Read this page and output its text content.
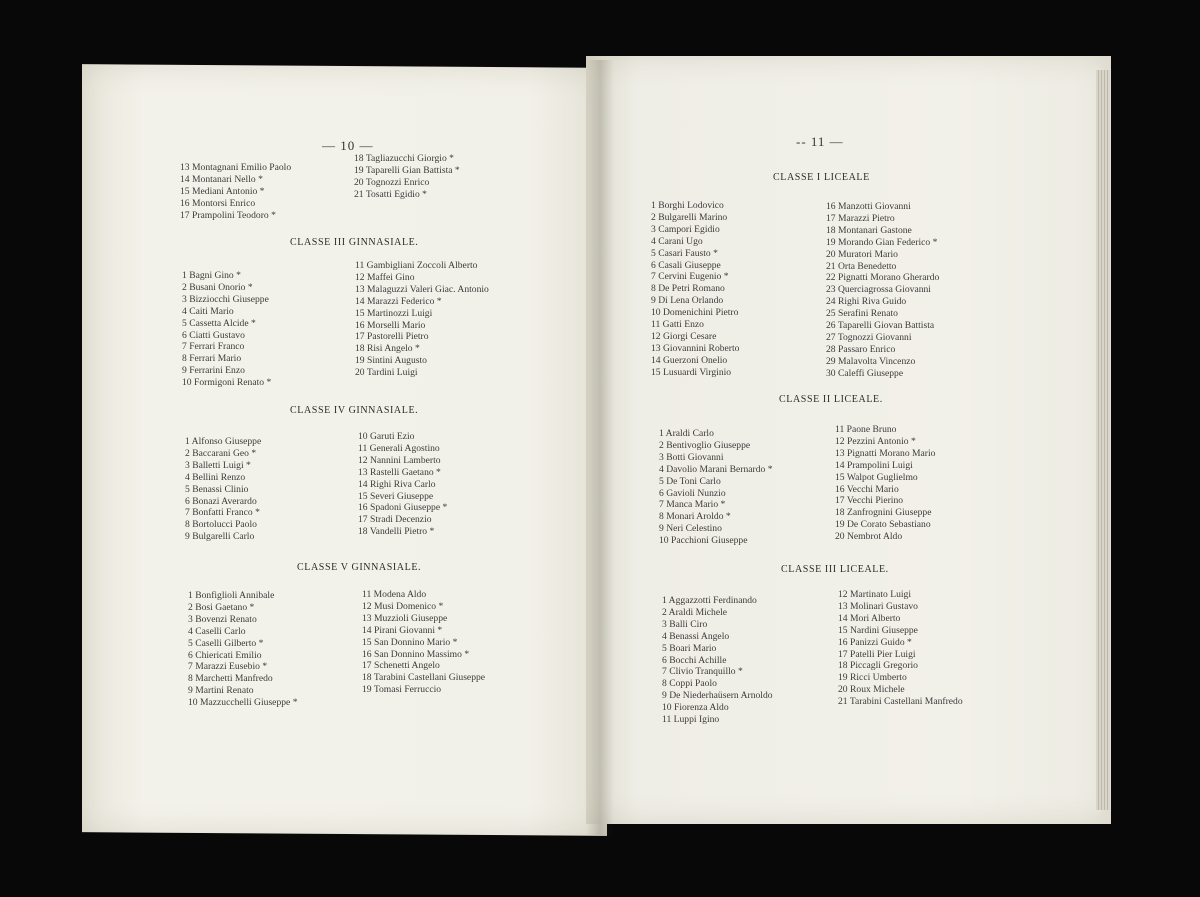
— 10 —
13 Montagnani Emilio Paolo
14 Montanari Nello *
15 Mediani Antonio *
16 Montorsi Enrico
17 Prampolini Teodoro *
18 Tagliazucchi Giorgio *
19 Taparelli Gian Battista *
20 Tognozzi Enrico
21 Tosatti Egidio *
CLASSE III GINNASIALE.
1 Bagni Gino *
2 Busani Onorio *
3 Bizziocchi Giuseppe
4 Caiti Mario
5 Cassetta Alcide *
6 Ciatti Gustavo
7 Ferrari Franco
8 Ferrari Mario
9 Ferrarini Enzo
10 Formigoni Renato *
11 Gambigliani Zoccoli Alberto
12 Maffei Gino
13 Malaguzzi Valeri Giac. Antonio
14 Marazzi Federico *
15 Martinozzi Luigi
16 Morselli Mario
17 Pastorelli Pietro
18 Risi Angelo *
19 Sintini Augusto
20 Tardini Luigi
CLASSE IV GINNASIALE.
1 Alfonso Giuseppe
2 Baccarani Geo *
3 Balletti Luigi *
4 Bellini Renzo
5 Benassi Clinio
6 Bonazi Averardo
7 Bonfatti Franco *
8 Bortolucci Paolo
9 Bulgarelli Carlo
10 Garuti Ezio
11 Generali Agostino
12 Nannini Lamberto
13 Rastelli Gaetano *
14 Righi Riva Carlo
15 Severi Giuseppe
16 Spadoni Giuseppe *
17 Stradi Decenzio
18 Vandelli Pietro *
CLASSE V GINNASIALE.
1 Bonfiglioli Annibale
2 Bosi Gaetano *
3 Bovenzi Renato
4 Caselli Carlo
5 Caselli Gilberto *
6 Chiericati Emilio
7 Marazzi Eusebio *
8 Marchetti Manfredo
9 Martini Renato
10 Mazzucchelli Giuseppe *
11 Modena Aldo
12 Musi Domenico *
13 Muzzioli Giuseppe
14 Pirani Giovanni *
15 San Donnino Mario *
16 San Donnino Massimo *
17 Schenetti Angelo
18 Tarabini Castellani Giuseppe
19 Tomasi Ferruccio
-- 11 —
CLASSE I LICEALE
1 Borghi Lodovico
2 Bulgarelli Marino
3 Campori Egidio
4 Carani Ugo
5 Casari Fausto *
6 Casali Giuseppe
7 Cervini Eugenio *
8 De Petri Romano
9 Di Lena Orlando
10 Domenichini Pietro
11 Gatti Enzo
12 Giorgi Cesare
13 Giovannini Roberto
14 Guerzoni Onelio
15 Lusuardi Virginio
16 Manzotti Giovanni
17 Marazzi Pietro
18 Montanari Gastone
19 Morando Gian Federico *
20 Muratori Mario
21 Orta Benedetto
22 Pignatti Morano Gherardo
23 Querciagrossa Giovanni
24 Righi Riva Guido
25 Serafini Renato
26 Taparelli Giovan Battista
27 Tognozzi Giovanni
28 Passaro Enrico
29 Malavolta Vincenzo
30 Caleffi Giuseppe
CLASSE II LICEALE.
1 Araldi Carlo
2 Bentivoglio Giuseppe
3 Botti Giovanni
4 Davolio Marani Bernardo *
5 De Toni Carlo
6 Gavioli Nunzio
7 Manca Mario *
8 Monari Aroldo *
9 Neri Celestino
10 Pacchioni Giuseppe
11 Paone Bruno
12 Pezzini Antonio *
13 Pignatti Morano Mario
14 Prampolini Luigi
15 Walpot Guglielmo
16 Vecchi Mario
17 Vecchi Pierino
18 Zanfrognini Giuseppe
19 De Corato Sebastiano
20 Nembrot Aldo
CLASSE III LICEALE.
1 Aggazzotti Ferdinando
2 Araldi Michele
3 Balli Ciro
4 Benassi Angelo
5 Boari Mario
6 Bocchi Achille
7 Clivio Tranquillo *
8 Coppi Paolo
9 De Niederhaüsern Arnoldo
10 Fiorenza Aldo
11 Luppi Igino
12 Martinato Luigi
13 Molinari Gustavo
14 Mori Alberto
15 Nardini Giuseppe
16 Panizzi Guido *
17 Patelli Pier Luigi
18 Piccagli Gregorio
19 Ricci Umberto
20 Roux Michele
21 Tarabini Castellani Manfredo
